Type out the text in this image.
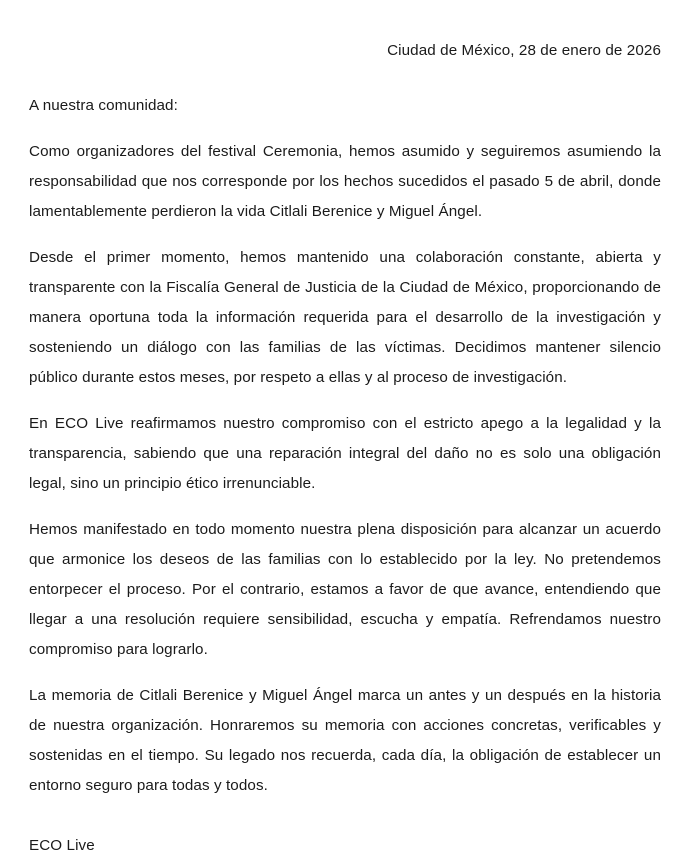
Ciudad de México, 28 de enero de 2026
A nuestra comunidad:

Como organizadores del festival Ceremonia, hemos asumido y seguiremos asumiendo la responsabilidad que nos corresponde por los hechos sucedidos el pasado 5 de abril, donde lamentablemente perdieron la vida Citlali Berenice y Miguel Ángel.

Desde el primer momento, hemos mantenido una colaboración constante, abierta y transparente con la Fiscalía General de Justicia de la Ciudad de México, proporcionando de manera oportuna toda la información requerida para el desarrollo de la investigación y sosteniendo un diálogo con las familias de las víctimas. Decidimos mantener silencio público durante estos meses, por respeto a ellas y al proceso de investigación.

En ECO Live reafirmamos nuestro compromiso con el estricto apego a la legalidad y la transparencia, sabiendo que una reparación integral del daño no es solo una obligación legal, sino un principio ético irrenunciable.

Hemos manifestado en todo momento nuestra plena disposición para alcanzar un acuerdo que armonice los deseos de las familias con lo establecido por la ley. No pretendemos entorpecer el proceso. Por el contrario, estamos a favor de que avance, entendiendo que llegar a una resolución requiere sensibilidad, escucha y empatía. Refrendamos nuestro compromiso para lograrlo.

La memoria de Citlali Berenice y Miguel Ángel marca un antes y un después en la historia de nuestra organización. Honraremos su memoria con acciones concretas, verificables y sostenidas en el tiempo. Su legado nos recuerda, cada día, la obligación de establecer un entorno seguro para todas y todos.

ECO Live
